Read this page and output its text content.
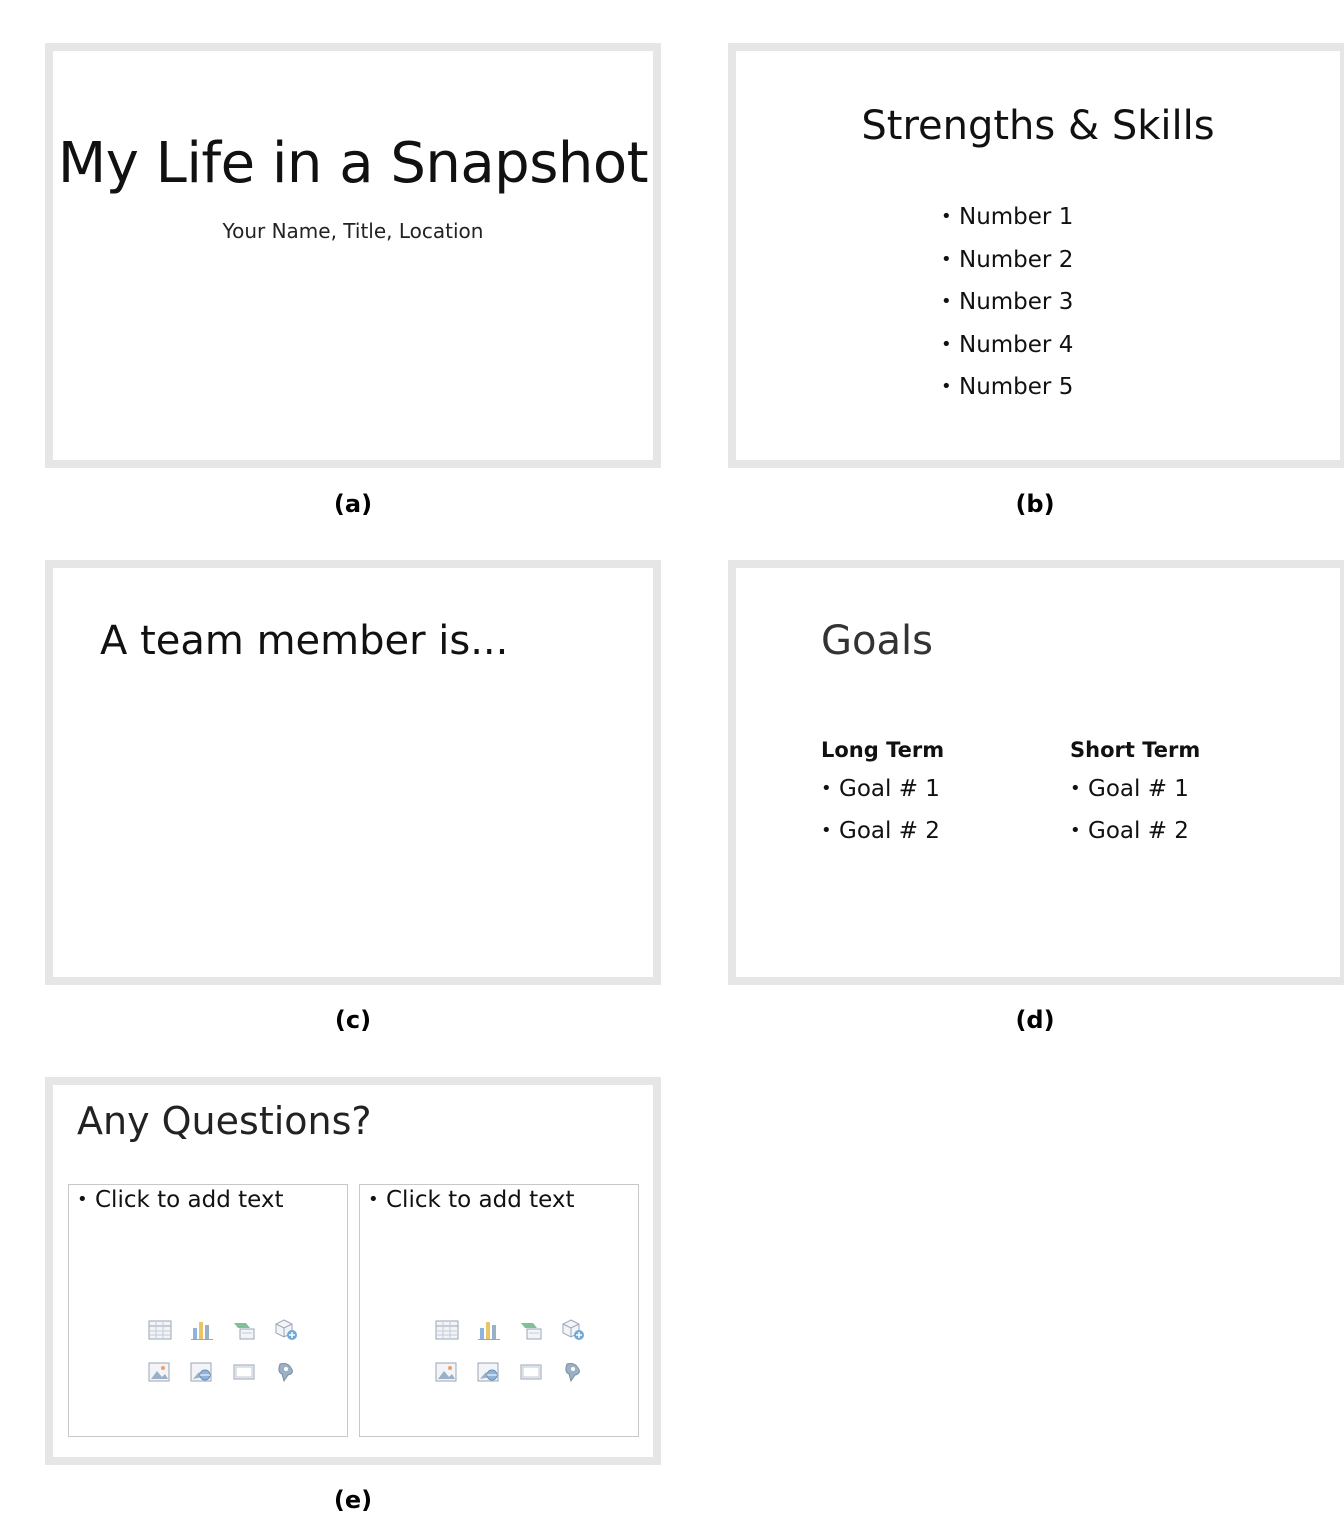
My Life in a Snapshot
Your Name, Title, Location
(a)
Strengths & Skills
• Number 1
• Number 2
• Number 3
• Number 4
• Number 5
(b)
A team member is...
(c)
Goals
Long Term
• Goal # 1
• Goal # 2
Short Term
• Goal # 1
• Goal # 2
(d)
Any Questions?
• Click to add text	• Click to add text
(e)
